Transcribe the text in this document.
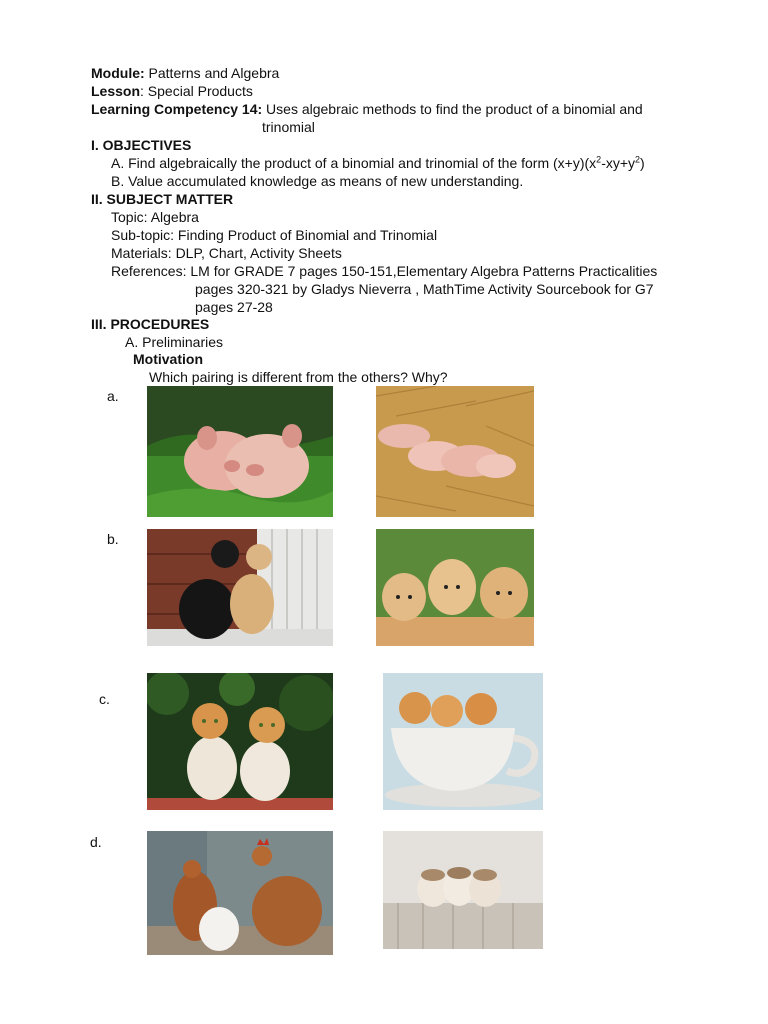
Module: Patterns and Algebra
Lesson: Special Products
Learning Competency 14: Uses algebraic methods to find the product of a binomial and
trinomial
I. OBJECTIVES
A. Find algebraically the product of a binomial and trinomial of the form $(x+y)(x^2-xy+y^2)$
B. Value accumulated knowledge as means of new understanding.
II. SUBJECT MATTER
Topic: Algebra
Sub-topic: Finding Product of Binomial and Trinomial
Materials: DLP, Chart, Activity Sheets
References: LM for GRADE 7 pages 150-151,Elementary Algebra Patterns Practicalities
pages 320-321 by Gladys Nieverra , MathTime Activity Sourcebook for G7
pages 27-28
III. PROCEDURES
A. Preliminaries
Motivation
Which pairing is different from the others? Why?
a.
b.
c.
d.
